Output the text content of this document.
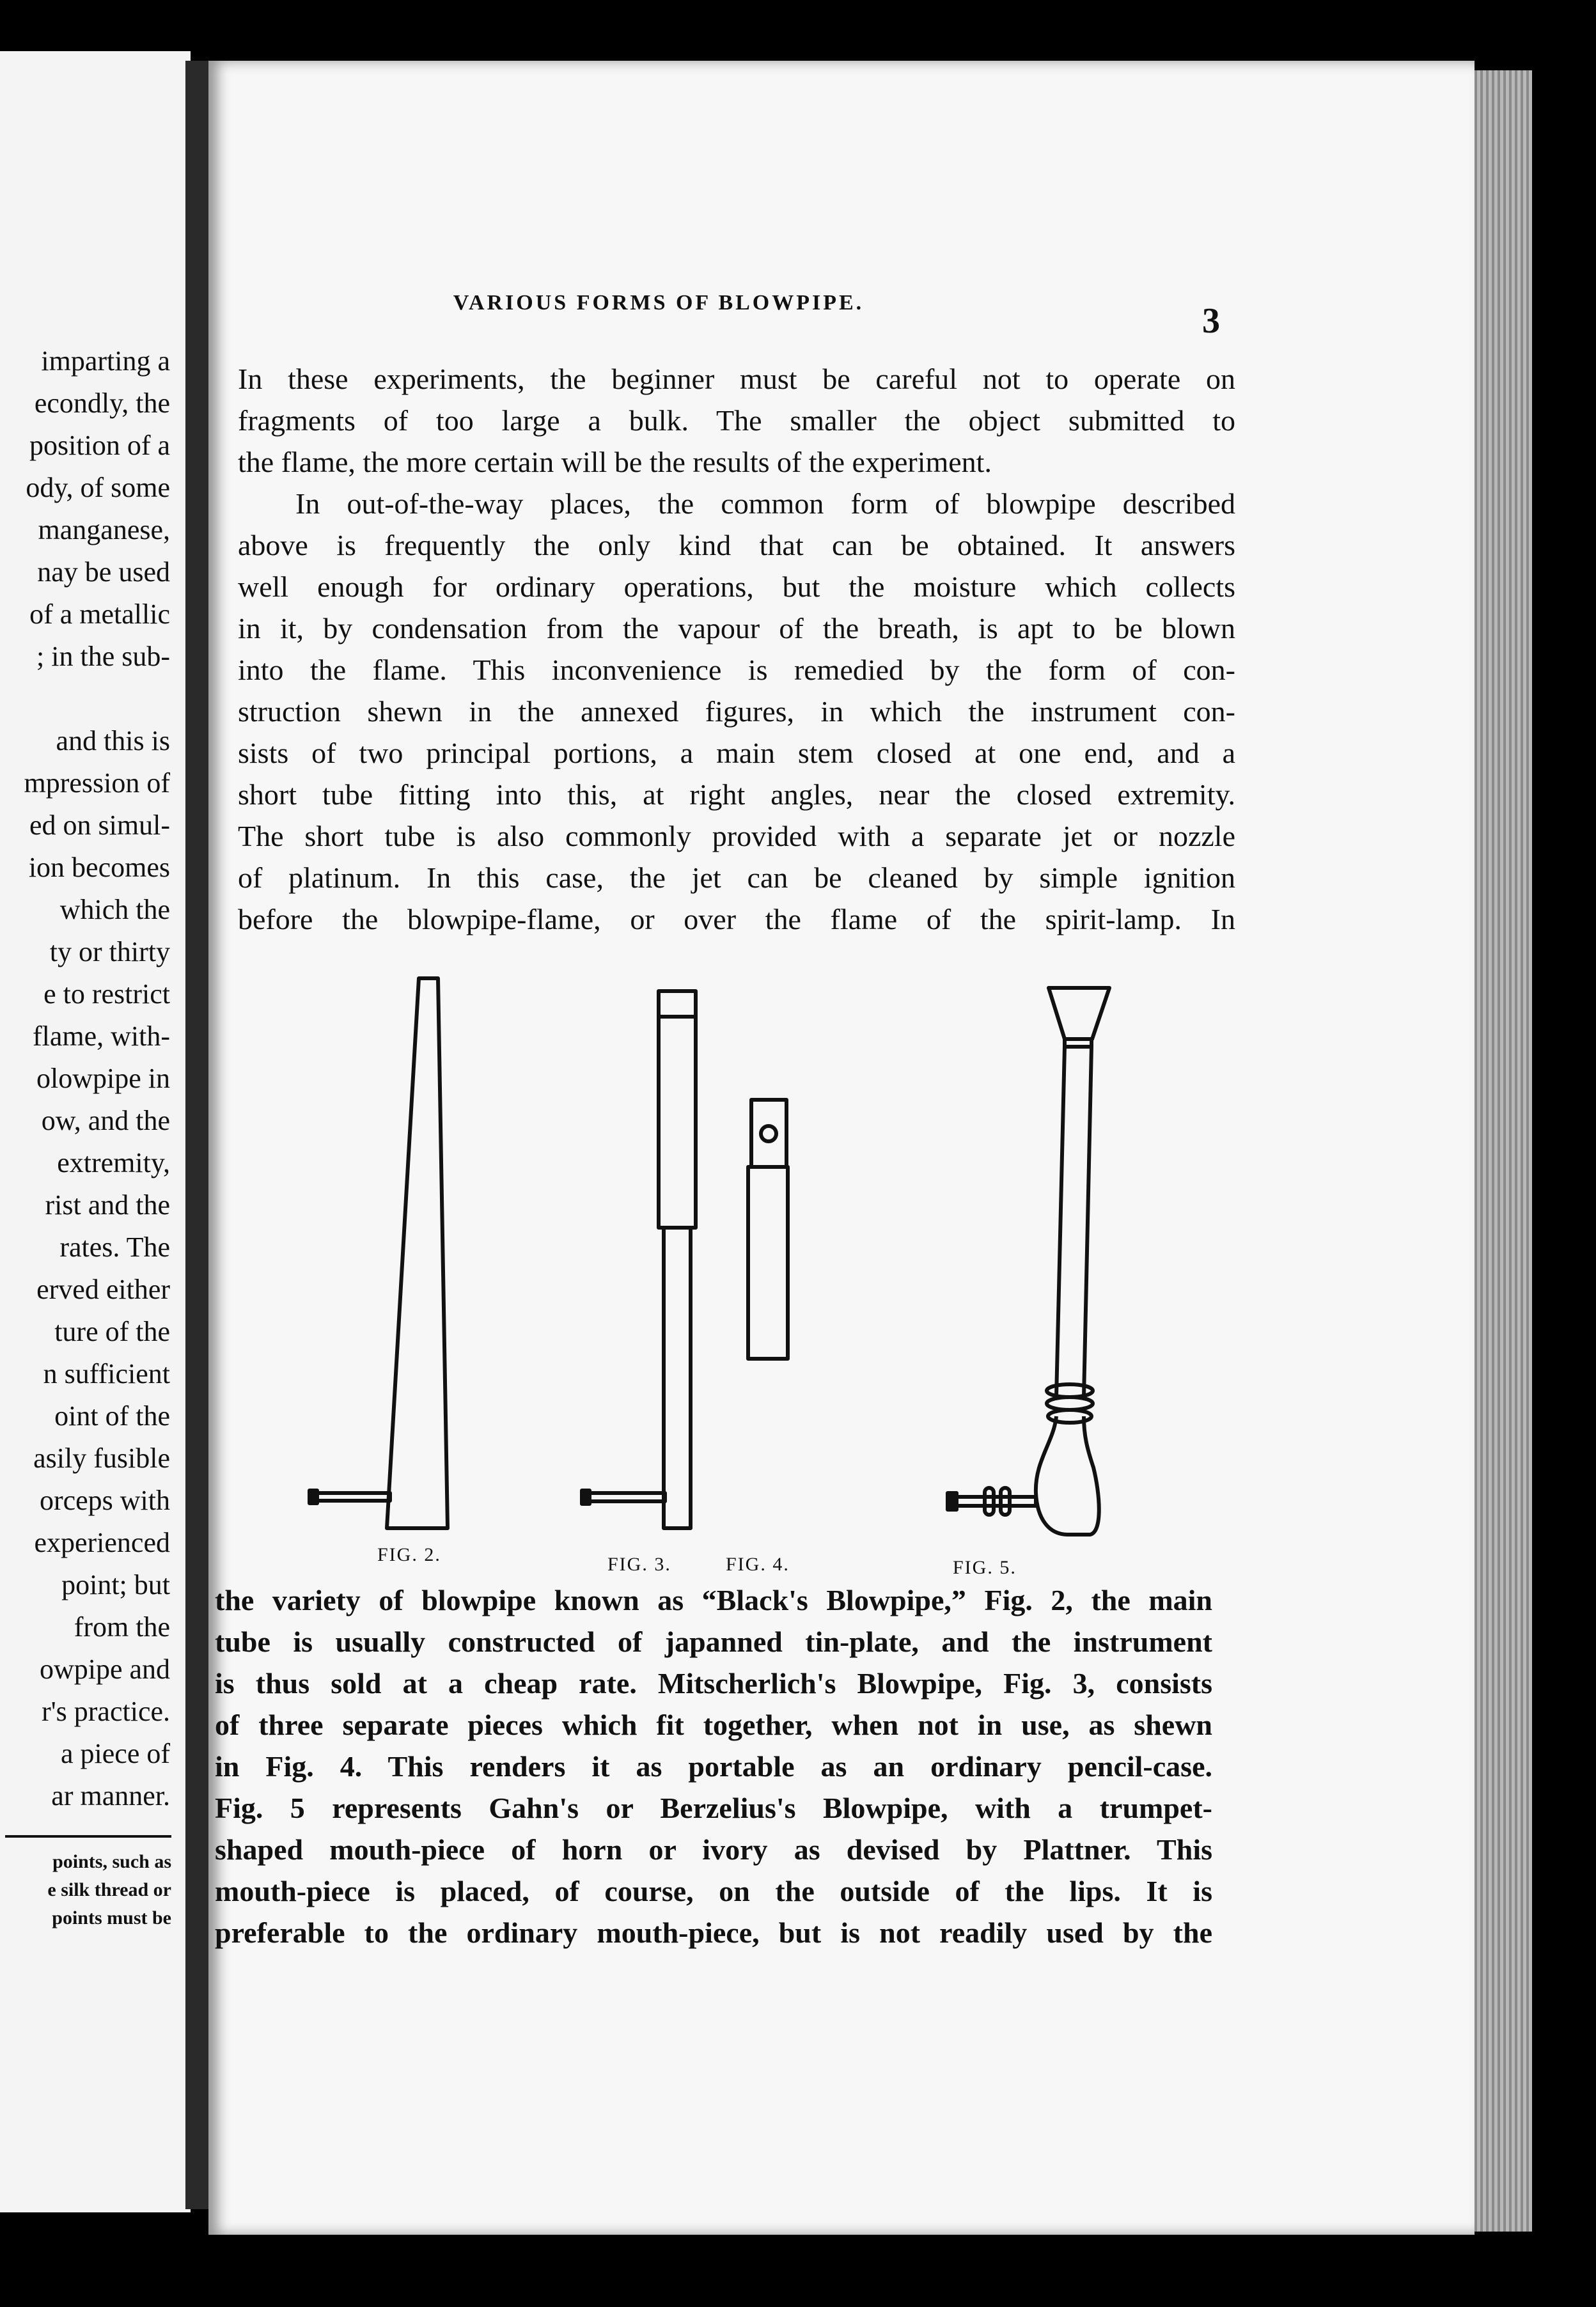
imparting a
econdly, the
position of a
ody, of some
manganese,
nay be used
of a metallic
; in the sub-
and this is
mpression of
ed on simul-
ion becomes
which the
ty or thirty
e to restrict
flame, with-
olowpipe in
ow, and the
extremity,
rist and the
rates. The
erved either
ture of the
n sufficient
oint of the
asily fusible
orceps with
experienced
point; but
from the
owpipe and
r's practice.
a piece of
ar manner.
points, such as
e silk thread or
points must be
VARIOUS FORMS OF BLOWPIPE.	3
In these experiments, the beginner must be careful not to operate on
fragments of too large a bulk. The smaller the object submitted to
the flame, the more certain will be the results of the experiment.
In out-of-the-way places, the common form of blowpipe described
above is frequently the only kind that can be obtained. It answers
well enough for ordinary operations, but the moisture which collects
in it, by condensation from the vapour of the breath, is apt to be blown
into the flame. This inconvenience is remedied by the form of con-
struction shewn in the annexed figures, in which the instrument con-
sists of two principal portions, a main stem closed at one end, and a
short tube fitting into this, at right angles, near the closed extremity.
The short tube is also commonly provided with a separate jet or nozzle
of platinum. In this case, the jet can be cleaned by simple ignition
before the blowpipe-flame, or over the flame of the spirit-lamp. In
FIG. 2.	FIG. 3.	FIG. 4.	FIG. 5.
the variety of blowpipe known as “Black's Blowpipe,” Fig. 2, the main
tube is usually constructed of japanned tin-plate, and the instrument
is thus sold at a cheap rate. Mitscherlich's Blowpipe, Fig. 3, consists
of three separate pieces which fit together, when not in use, as shewn
in Fig. 4. This renders it as portable as an ordinary pencil-case.
Fig. 5 represents Gahn's or Berzelius's Blowpipe, with a trumpet-
shaped mouth-piece of horn or ivory as devised by Plattner. This
mouth-piece is placed, of course, on the outside of the lips. It is
preferable to the ordinary mouth-piece, but is not readily used by the
